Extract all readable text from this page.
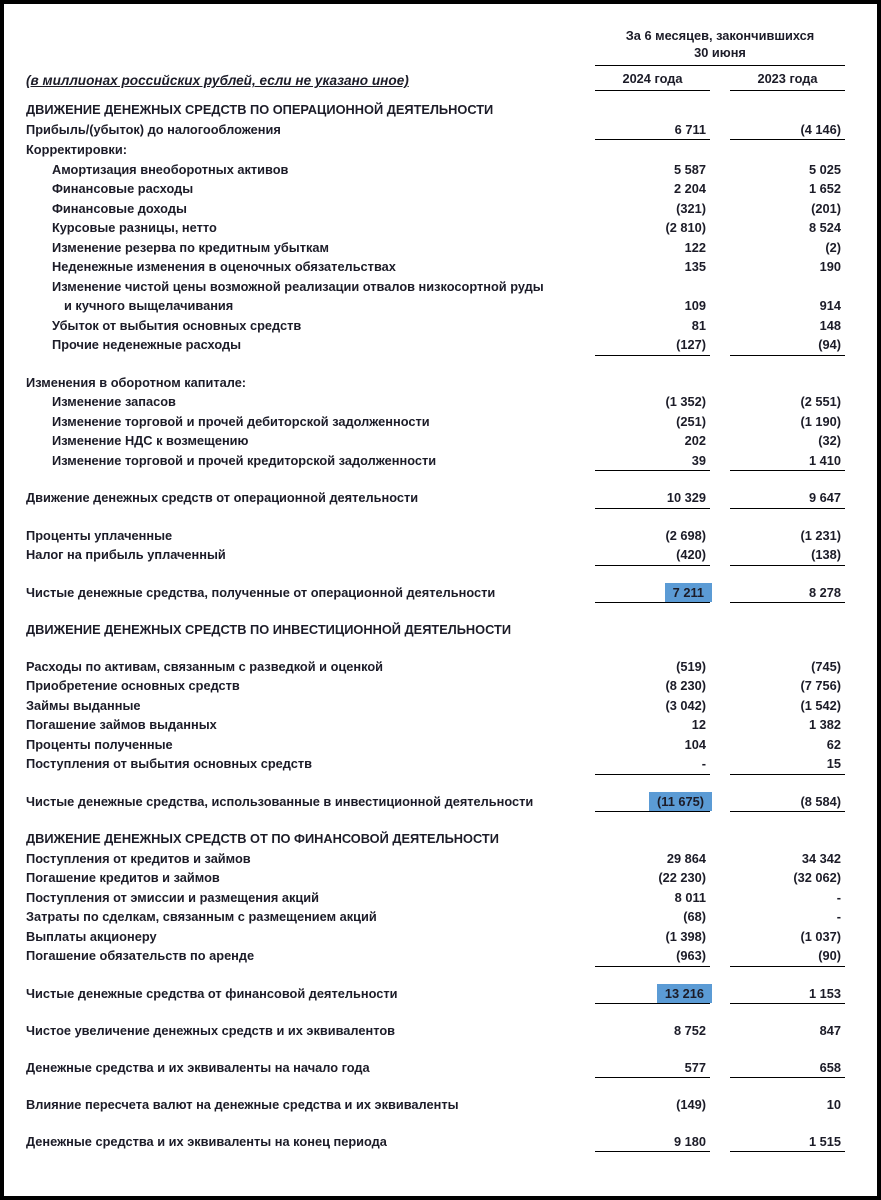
(в миллионах российских рублей, если не указано иное)
За 6 месяцев, закончившихся
30 июня
2024 года	2023 года
ДВИЖЕНИЕ ДЕНЕЖНЫХ СРЕДСТВ ПО ОПЕРАЦИОННОЙ ДЕЯТЕЛЬНОСТИ
Прибыль/(убыток) до налогообложения	6 711	(4 146)
Корректировки:
Амортизация внеоборотных активов	5 587	5 025
Финансовые расходы	2 204	1 652
Финансовые доходы	(321)	(201)
Курсовые разницы, нетто	(2 810)	8 524
Изменение резерва по кредитным убыткам	122	(2)
Неденежные изменения в оценочных обязательствах	135	190
Изменение чистой цены возможной реализации отвалов низкосортной руды
и кучного выщелачивания	109	914
Убыток от выбытия основных средств	81	148
Прочие неденежные расходы	(127)	(94)
Изменения в оборотном капитале:
Изменение запасов	(1 352)	(2 551)
Изменение торговой и прочей дебиторской задолженности	(251)	(1 190)
Изменение НДС к возмещению	202	(32)
Изменение торговой и прочей кредиторской задолженности	39	1 410
Движение денежных средств от операционной деятельности	10 329	9 647
Проценты уплаченные	(2 698)	(1 231)
Налог на прибыль уплаченный	(420)	(138)
Чистые денежные средства, полученные от операционной деятельности	7 211	8 278
ДВИЖЕНИЕ ДЕНЕЖНЫХ СРЕДСТВ ПО ИНВЕСТИЦИОННОЙ ДЕЯТЕЛЬНОСТИ
Расходы по активам, связанным с разведкой и оценкой	(519)	(745)
Приобретение основных средств	(8 230)	(7 756)
Займы выданные	(3 042)	(1 542)
Погашение займов выданных	12	1 382
Проценты полученные	104	62
Поступления от выбытия основных средств	-	15
Чистые денежные средства, использованные в инвестиционной деятельности	(11 675)	(8 584)
ДВИЖЕНИЕ ДЕНЕЖНЫХ СРЕДСТВ ОТ ПО ФИНАНСОВОЙ ДЕЯТЕЛЬНОСТИ
Поступления от кредитов и займов	29 864	34 342
Погашение кредитов и займов	(22 230)	(32 062)
Поступления от эмиссии и размещения акций	8 011	-
Затраты по сделкам, связанным с размещением акций	(68)	-
Выплаты акционеру	(1 398)	(1 037)
Погашение обязательств по аренде	(963)	(90)
Чистые денежные средства от финансовой деятельности	13 216	1 153
Чистое увеличение денежных средств и их эквивалентов	8 752	847
Денежные средства и их эквиваленты на начало года	577	658
Влияние пересчета валют на денежные средства и их эквиваленты	(149)	10
Денежные средства и их эквиваленты на конец периода	9 180	1 515
